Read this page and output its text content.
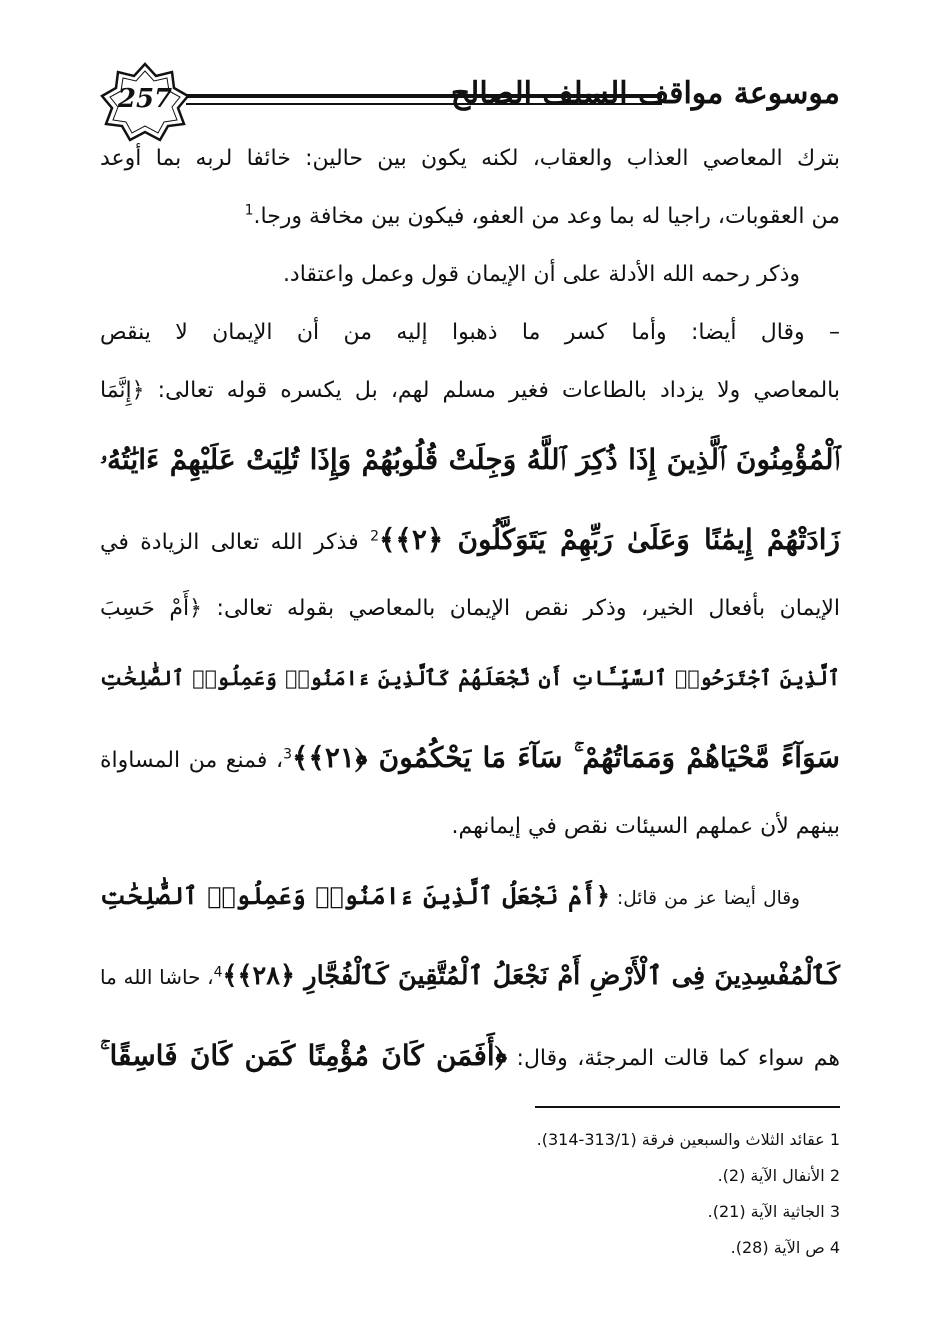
257	موسوعة مواقف السلف الصالح
بترك المعاصي العذاب والعقاب، لكنه يكون بين حالين: خائفا لربه بما أوعد
من العقوبات، راجيا له بما وعد من العفو، فيكون بين مخافة ورجا.$^1$
وذكر رحمه الله الأدلة على أن الإيمان قول وعمل واعتقاد.
– وقال أيضا: وأما كسر ما ذهبوا إليه من أن الإيمان لا ينقص
بالمعاصي ولا يزداد بالطاعات فغير مسلم لهم، بل يكسره قوله تعالى: ﴿إِنَّمَا
ٱلْمُؤْمِنُونَ ٱلَّذِينَ إِذَا ذُكِرَ ٱللَّهُ وَجِلَتْ قُلُوبُهُمْ وَإِذَا تُلِيَتْ عَلَيْهِمْ ءَايَٰتُهُۥ
زَادَتْهُمْ إِيمَٰنًا وَعَلَىٰ رَبِّهِمْ يَتَوَكَّلُونَ ﴿٢﴾﴾$^2$ فذكر الله تعالى الزيادة في
الإيمان بأفعال الخير، وذكر نقص الإيمان بالمعاصي بقوله تعالى: ﴿أَمْ حَسِبَ
ٱلَّذِينَ ٱجْتَرَحُوا۟ ٱلسَّيِّـَٔاتِ أَن نَّجْعَلَهُمْ كَٱلَّذِينَ ءَامَنُوا۟ وَعَمِلُوا۟ ٱلصَّٰلِحَٰتِ
سَوَآءً مَّحْيَاهُمْ وَمَمَاتُهُمْ ۚ سَآءَ مَا يَحْكُمُونَ ﴿٢١﴾﴾$^3$، فمنع من المساواة
بينهم لأن عملهم السيئات نقص في إيمانهم.
وقال أيضا عز من قائل: ﴿أَمْ نَجْعَلُ ٱلَّذِينَ ءَامَنُوا۟ وَعَمِلُوا۟ ٱلصَّٰلِحَٰتِ
كَٱلْمُفْسِدِينَ فِى ٱلْأَرْضِ أَمْ نَجْعَلُ ٱلْمُتَّقِينَ كَٱلْفُجَّارِ ﴿٢٨﴾﴾$^4$، حاشا الله ما
هم سواء كما قالت المرجئة، وقال: ﴿أَفَمَن كَانَ مُؤْمِنًا كَمَن كَانَ فَاسِقًا ۚ
1 عقائد الثلاث والسبعين فرقة (313/1-314).
2 الأنفال الآية (2).
3 الجاثية الآية (21).
4 ص الآية (28).
